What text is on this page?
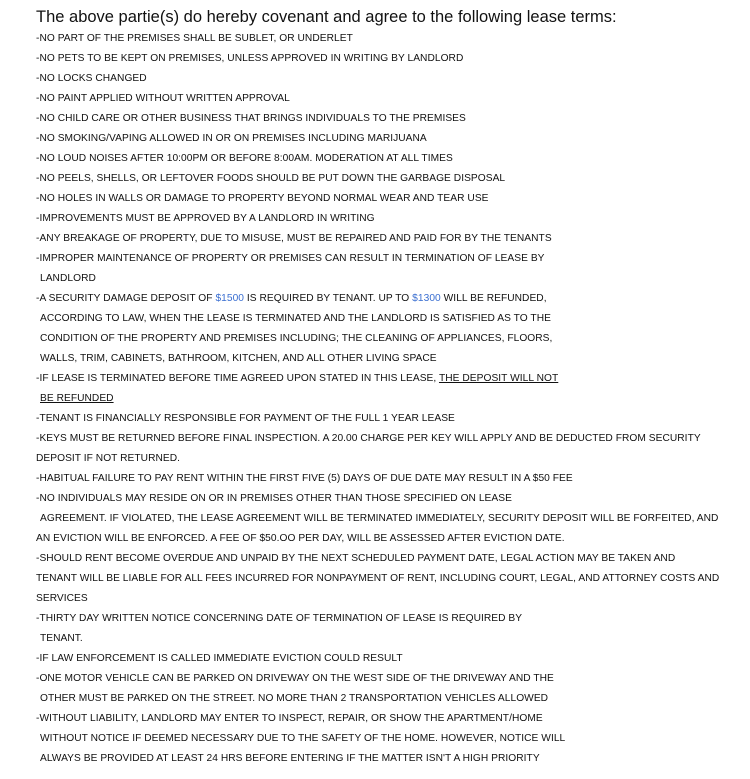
The above partie(s) do hereby covenant and agree to the following lease terms:
-NO PART OF THE PREMISES SHALL BE SUBLET, OR UNDERLET
-NO PETS TO BE KEPT ON PREMISES, UNLESS APPROVED IN WRITING BY LANDLORD
-NO LOCKS CHANGED
-NO PAINT APPLIED WITHOUT WRITTEN APPROVAL
-NO CHILD CARE OR OTHER BUSINESS THAT BRINGS INDIVIDUALS TO THE PREMISES
-NO SMOKING/VAPING ALLOWED IN OR ON PREMISES INCLUDING MARIJUANA
-NO LOUD NOISES AFTER 10:00PM OR BEFORE 8:00AM. MODERATION AT ALL TIMES
-NO PEELS, SHELLS, OR LEFTOVER FOODS SHOULD BE PUT DOWN THE GARBAGE DISPOSAL
-NO HOLES IN WALLS OR DAMAGE TO PROPERTY BEYOND NORMAL WEAR AND TEAR USE
-IMPROVEMENTS MUST BE APPROVED BY A LANDLORD IN WRITING
-ANY BREAKAGE OF PROPERTY, DUE TO MISUSE, MUST BE REPAIRED AND PAID FOR BY THE TENANTS
-IMPROPER MAINTENANCE OF PROPERTY OR PREMISES CAN RESULT IN TERMINATION OF LEASE BY
LANDLORD
-A SECURITY DAMAGE DEPOSIT OF $1500 IS REQUIRED BY TENANT. UP TO $1300 WILL BE REFUNDED,
ACCORDING TO LAW, WHEN THE LEASE IS TERMINATED AND THE LANDLORD IS SATISFIED AS TO THE
CONDITION OF THE PROPERTY AND PREMISES INCLUDING; THE CLEANING OF APPLIANCES, FLOORS,
WALLS, TRIM, CABINETS, BATHROOM, KITCHEN, AND ALL OTHER LIVING SPACE
-IF LEASE IS TERMINATED BEFORE TIME AGREED UPON STATED IN THIS LEASE, THE DEPOSIT WILL NOT
BE REFUNDED
-TENANT IS FINANCIALLY RESPONSIBLE FOR PAYMENT OF THE FULL 1 YEAR LEASE
-KEYS MUST BE RETURNED BEFORE FINAL INSPECTION. A 20.00 CHARGE PER KEY WILL APPLY AND BE DEDUCTED FROM SECURITY
DEPOSIT IF NOT RETURNED.
-HABITUAL FAILURE TO PAY RENT WITHIN THE FIRST FIVE (5) DAYS OF DUE DATE MAY RESULT IN A $50 FEE
-NO INDIVIDUALS MAY RESIDE ON OR IN PREMISES OTHER THAN THOSE SPECIFIED ON LEASE
AGREEMENT. IF VIOLATED, THE LEASE AGREEMENT WILL BE TERMINATED IMMEDIATELY, SECURITY DEPOSIT WILL BE FORFEITED, AND
AN EVICTION WILL BE ENFORCED. A FEE OF $50.OO PER DAY, WILL BE ASSESSED AFTER EVICTION DATE.
-SHOULD RENT BECOME OVERDUE AND UNPAID BY THE NEXT SCHEDULED PAYMENT DATE, LEGAL ACTION MAY BE TAKEN AND
TENANT WILL BE LIABLE FOR ALL FEES INCURRED FOR NONPAYMENT OF RENT, INCLUDING COURT, LEGAL, AND ATTORNEY COSTS AND
SERVICES
-THIRTY DAY WRITTEN NOTICE CONCERNING DATE OF TERMINATION OF LEASE IS REQUIRED BY
TENANT.
-IF LAW ENFORCEMENT IS CALLED IMMEDIATE EVICTION COULD RESULT
-ONE MOTOR VEHICLE CAN BE PARKED ON DRIVEWAY ON THE WEST SIDE OF THE DRIVEWAY AND THE
OTHER MUST BE PARKED ON THE STREET. NO MORE THAN 2 TRANSPORTATION VEHICLES ALLOWED
-WITHOUT LIABILITY, LANDLORD MAY ENTER TO INSPECT, REPAIR, OR SHOW THE APARTMENT/HOME
WITHOUT NOTICE IF DEEMED NECESSARY DUE TO THE SAFETY OF THE HOME. HOWEVER, NOTICE WILL
ALWAYS BE PROVIDED AT LEAST 24 HRS BEFORE ENTERING IF THE MATTER ISN'T A HIGH PRIORITY
